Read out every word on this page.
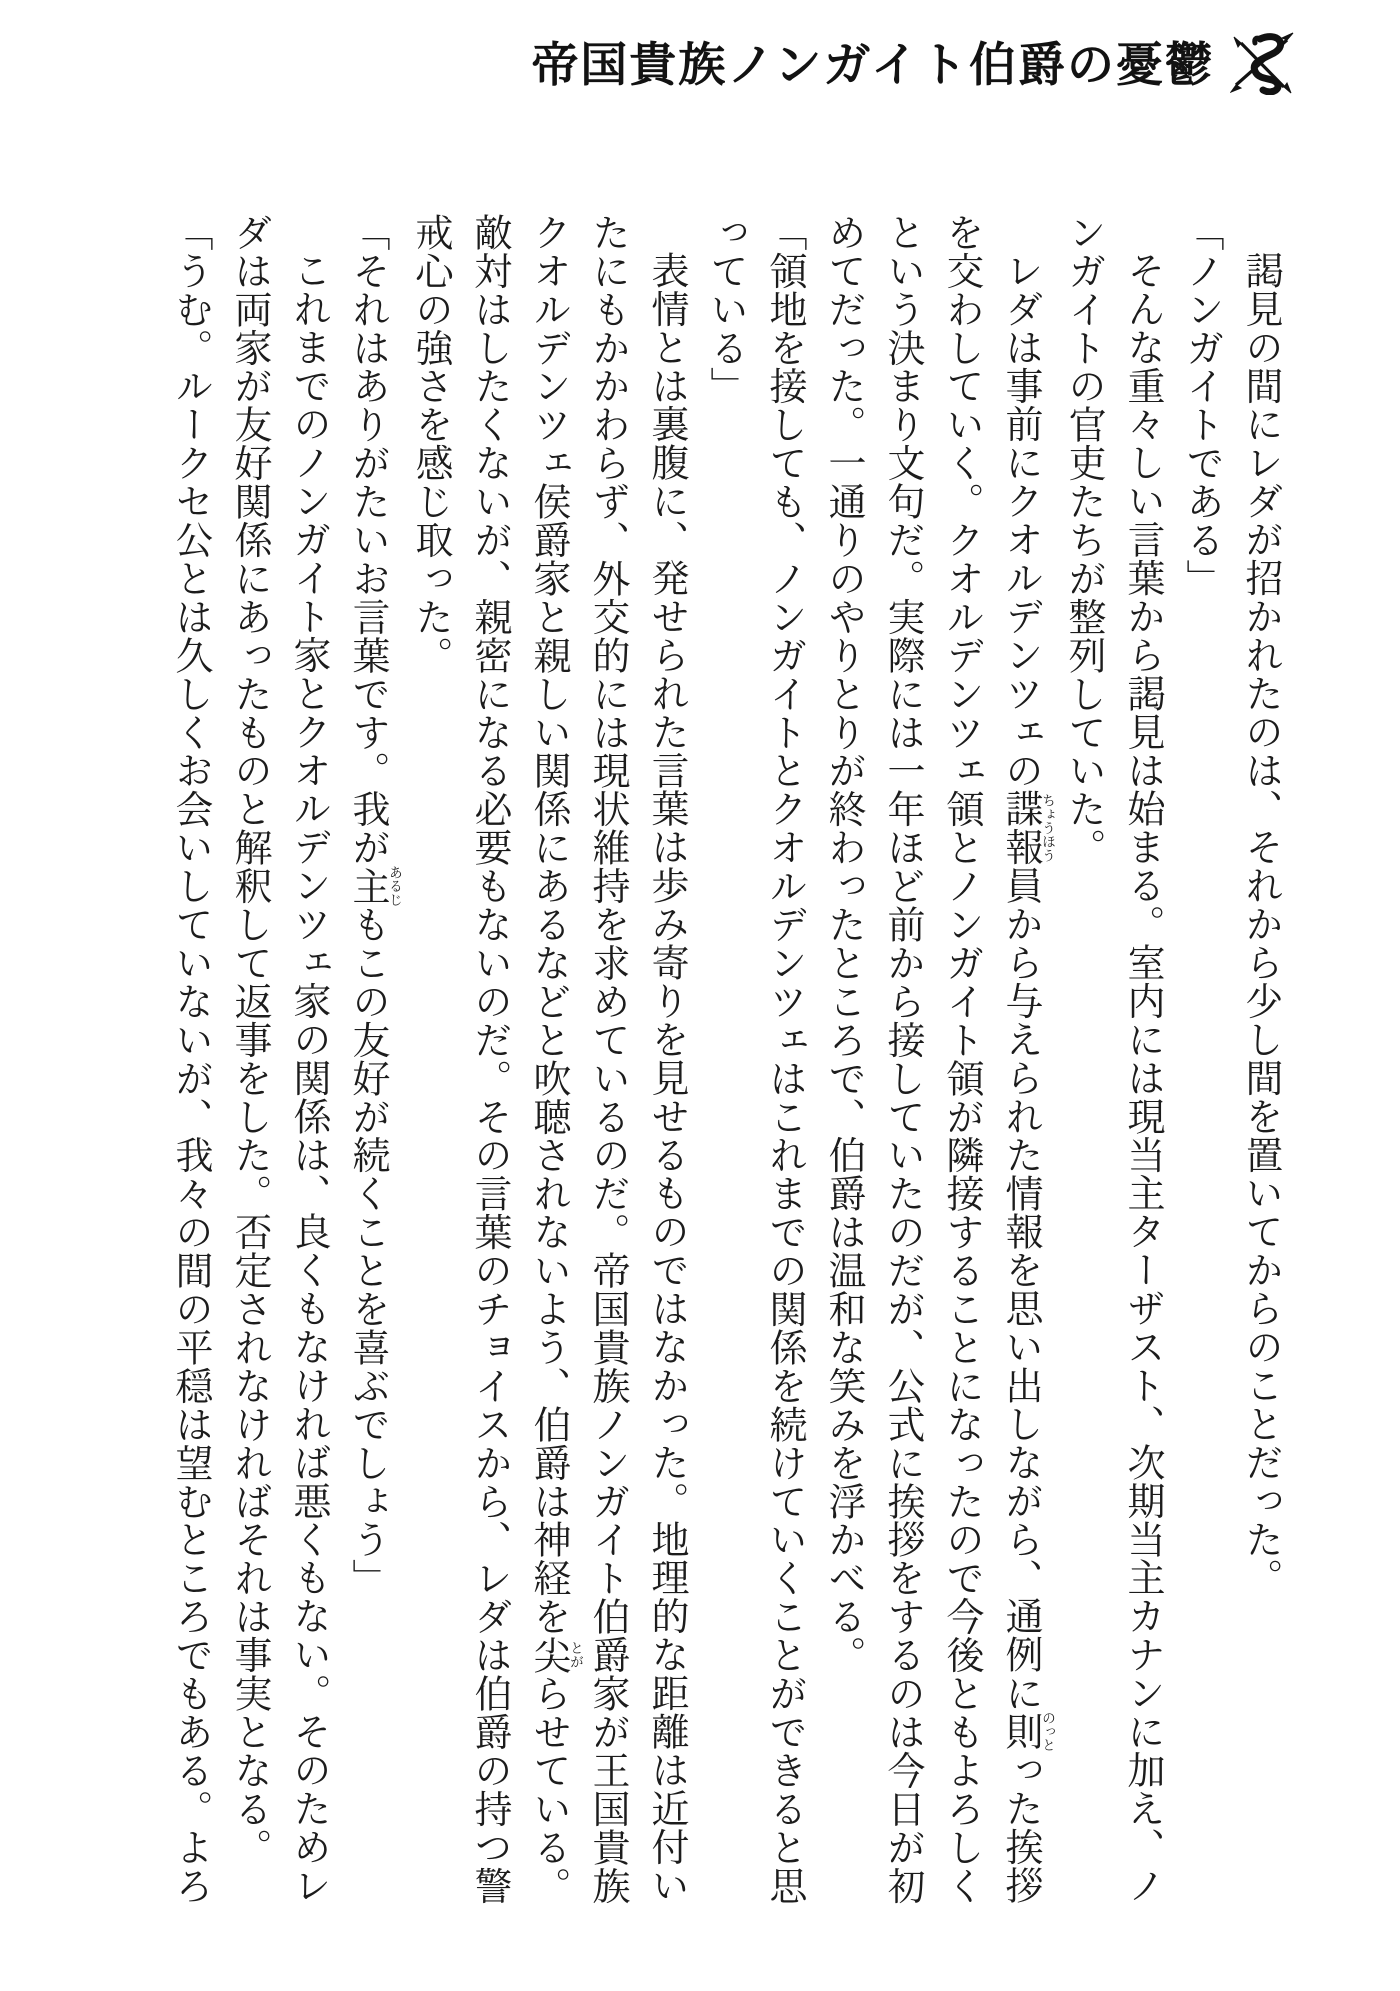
帝国貴族ノンガイト伯爵の憂鬱

謁見の間にレダが招かれたのは、それから少し間を置いてからのことだった。

「ノンガイトである」

そんな重々しい言葉から謁見は始まる。室内には現当主ターザスト、次期当主カナンに加え、ノンガイトの官吏たちが整列していた。

レダは事前にクオルデンツェの諜報ちょうほう員から与えられた情報を思い出しながら、通例に則のっとった挨拶を交わしていく。クオルデンツェ領とノンガイト領が隣接することになったので今後ともよろしくという決まり文句だ。実際には一年ほど前から接していたのだが、公式に挨拶をするのは今日が初めてだった。一通りのやりとりが終わったところで、伯爵は温和な笑みを浮かべる。

「領地を接しても、ノンガイトとクオルデンツェはこれまでの関係を続けていくことができると思っている」

表情とは裏腹に、発せられた言葉は歩み寄りを見せるものではなかった。地理的な距離は近付いたにもかかわらず、外交的には現状維持を求めているのだ。帝国貴族ノンガイト伯爵家が王国貴族クオルデンツェ侯爵家と親しい関係にあるなどと吹聴されないよう、伯爵は神経を尖とがらせている。敵対はしたくないが、親密になる必要もないのだ。その言葉のチョイスから、レダは伯爵の持つ警戒心の強さを感じ取った。

「それはありがたいお言葉です。我が主あるじもこの友好が続くことを喜ぶでしょう」

これまでのノンガイト家とクオルデンツェ家の関係は、良くもなければ悪くもない。そのためレダは両家が友好関係にあったものと解釈して返事をした。否定されなければそれは事実となる。

「うむ。ルークセ公とは久しくお会いしていないが、我々の間の平穏は望むところでもある。よろ
